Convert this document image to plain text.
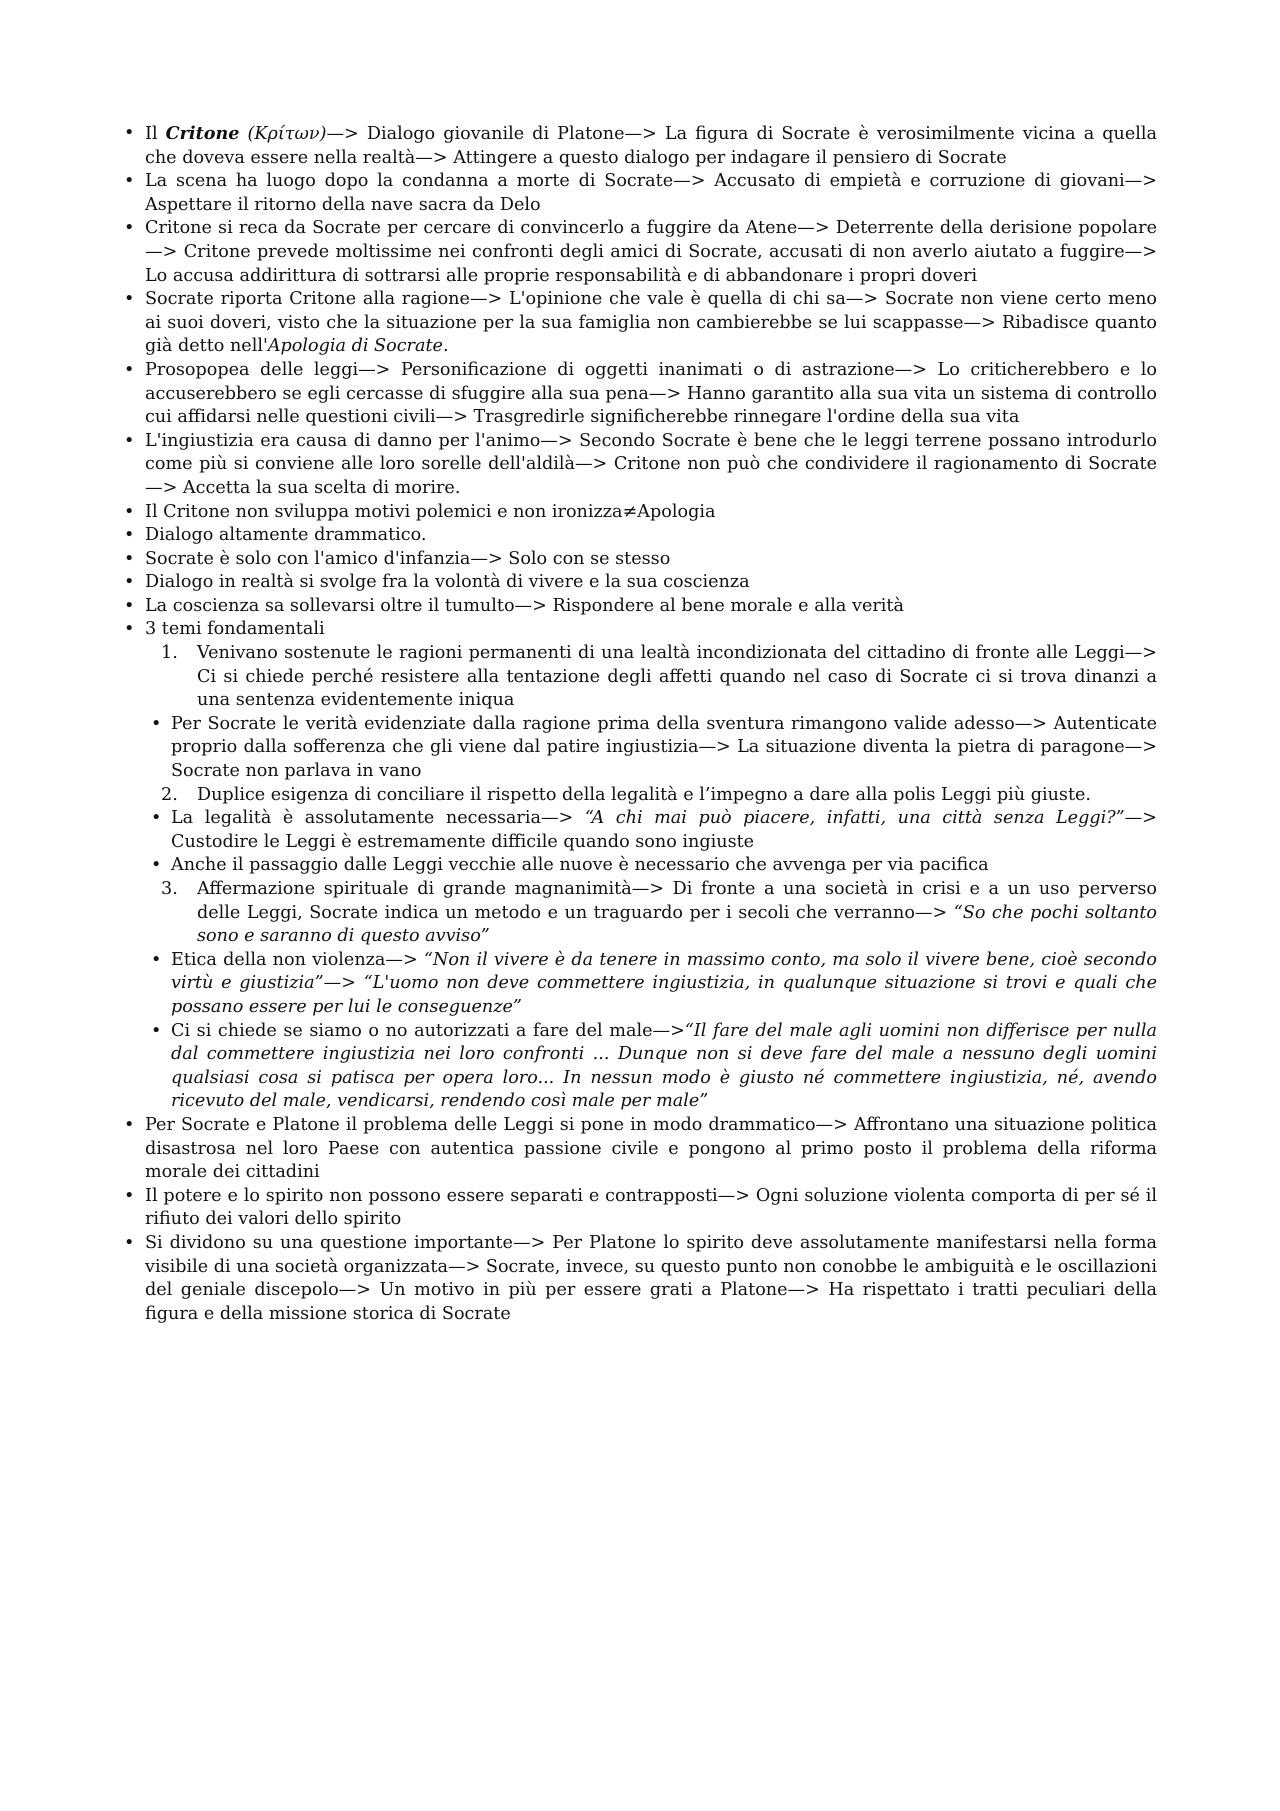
• Il Critone (Κρίτων)—> Dialogo giovanile di Platone—> La figura di Socrate è verosimilmente vicina a quella che doveva essere nella realtà—> Attingere a questo dialogo per indagare il pensiero di Socrate
• La scena ha luogo dopo la condanna a morte di Socrate—> Accusato di empietà e corruzione di giovani—> Aspettare il ritorno della nave sacra da Delo
• Critone si reca da Socrate per cercare di convincerlo a fuggire da Atene—> Deterrente della derisione popolare—> Critone prevede moltissime nei confronti degli amici di Socrate, accusati di non averlo aiutato a fuggire—> Lo accusa addirittura di sottrarsi alle proprie responsabilità e di abbandonare i propri doveri
• Socrate riporta Critone alla ragione—> L'opinione che vale è quella di chi sa—> Socrate non viene certo meno ai suoi doveri, visto che la situazione per la sua famiglia non cambierebbe se lui scappasse—> Ribadisce quanto già detto nell'Apologia di Socrate.
• Prosopopea delle leggi—> Personificazione di oggetti inanimati o di astrazione—> Lo criticherebbero e lo accuserebbero se egli cercasse di sfuggire alla sua pena—> Hanno garantito alla sua vita un sistema di controllo cui affidarsi nelle questioni civili—> Trasgredirle significherebbe rinnegare l'ordine della sua vita
• L'ingiustizia era causa di danno per l'animo—> Secondo Socrate è bene che le leggi terrene possano introdurlo come più si conviene alle loro sorelle dell'aldilà—> Critone non può che condividere il ragionamento di Socrate—> Accetta la sua scelta di morire.
• Il Critone non sviluppa motivi polemici e non ironizza≠Apologia
• Dialogo altamente drammatico.
• Socrate è solo con l'amico d'infanzia—> Solo con se stesso
• Dialogo in realtà si svolge fra la volontà di vivere e la sua coscienza
• La coscienza sa sollevarsi oltre il tumulto—> Rispondere al bene morale e alla verità
• 3 temi fondamentali
1. Venivano sostenute le ragioni permanenti di una lealtà incondizionata del cittadino di fronte alle Leggi—> Ci si chiede perché resistere alla tentazione degli affetti quando nel caso di Socrate ci si trova dinanzi a una sentenza evidentemente iniqua
• Per Socrate le verità evidenziate dalla ragione prima della sventura rimangono valide adesso—> Autenticate proprio dalla sofferenza che gli viene dal patire ingiustizia—> La situazione diventa la pietra di paragone—> Socrate non parlava in vano
2. Duplice esigenza di conciliare il rispetto della legalità e l’impegno a dare alla polis Leggi più giuste.
• La legalità è assolutamente necessaria—> “A chi mai può piacere, infatti, una città senza Leggi?”—> Custodire le Leggi è estremamente difficile quando sono ingiuste
• Anche il passaggio dalle Leggi vecchie alle nuove è necessario che avvenga per via pacifica
3. Affermazione spirituale di grande magnanimità—> Di fronte a una società in crisi e a un uso perverso delle Leggi, Socrate indica un metodo e un traguardo per i secoli che verranno—> “So che pochi soltanto sono e saranno di questo avviso”
• Etica della non violenza—> “Non il vivere è da tenere in massimo conto, ma solo il vivere bene, cioè secondo virtù e giustizia”—> “L'uomo non deve commettere ingiustizia, in qualunque situazione si trovi e quali che possano essere per lui le conseguenze”
• Ci si chiede se siamo o no autorizzati a fare del male—>“Il fare del male agli uomini non differisce per nulla dal commettere ingiustizia nei loro confronti ... Dunque non si deve fare del male a nessuno degli uomini qualsiasi cosa si patisca per opera loro... In nessun modo è giusto né commettere ingiustizia, né, avendo ricevuto del male, vendicarsi, rendendo così male per male”
• Per Socrate e Platone il problema delle Leggi si pone in modo drammatico—> Affrontano una situazione politica disastrosa nel loro Paese con autentica passione civile e pongono al primo posto il problema della riforma morale dei cittadini
• Il potere e lo spirito non possono essere separati e contrapposti—> Ogni soluzione violenta comporta di per sé il rifiuto dei valori dello spirito
• Si dividono su una questione importante—> Per Platone lo spirito deve assolutamente manifestarsi nella forma visibile di una società organizzata—> Socrate, invece, su questo punto non conobbe le ambiguità e le oscillazioni del geniale discepolo—> Un motivo in più per essere grati a Platone—> Ha rispettato i tratti peculiari della figura e della missione storica di Socrate
